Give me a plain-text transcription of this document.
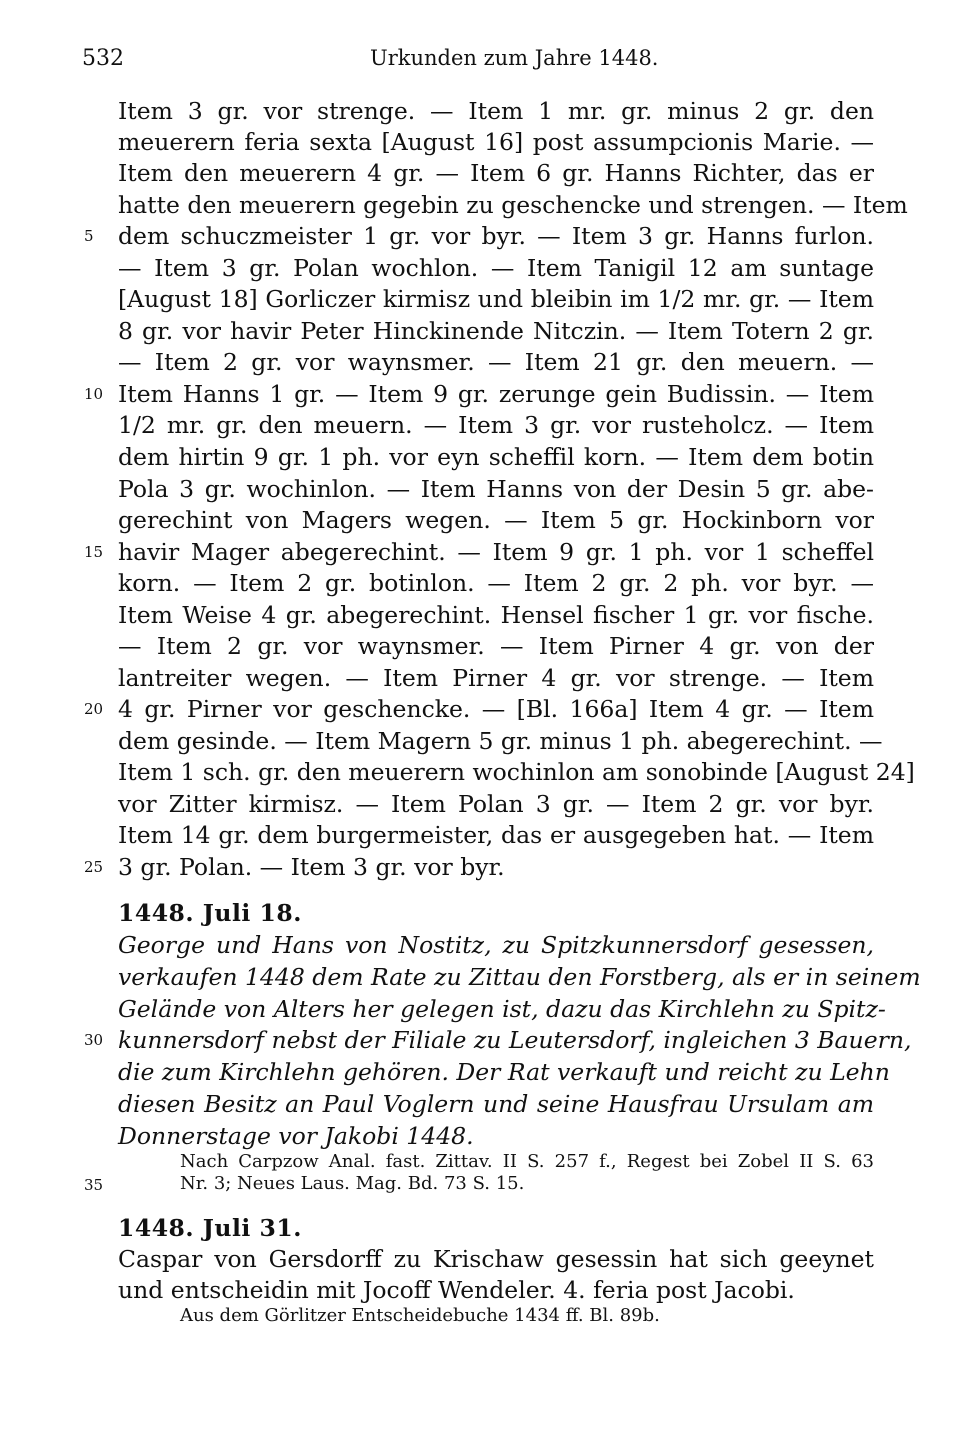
532	Urkunden zum Jahre 1448.
Item 3 gr. vor strenge. — Item 1 mr. gr. minus 2 gr. den
meuerern feria sexta [August 16] post assumpcionis Marie. —
Item den meuerern 4 gr. — Item 6 gr. Hanns Richter, das er
hatte den meuerern gegebin zu geschencke und strengen. — Item
dem schuczmeister 1 gr. vor byr. — Item 3 gr. Hanns furlon.
— Item 3 gr. Polan wochlon. — Item Tanigil 12 am suntage
[August 18] Gorliczer kirmisz und bleibin im 1/2 mr. gr. — Item
8 gr. vor havir Peter Hinckinende Nitczin. — Item Totern 2 gr.
— Item 2 gr. vor waynsmer. — Item 21 gr. den meuern. —
Item Hanns 1 gr. — Item 9 gr. zerunge gein Budissin. — Item
1/2 mr. gr. den meuern. — Item 3 gr. vor rusteholcz. — Item
dem hirtin 9 gr. 1 ph. vor eyn scheffil korn. — Item dem botin
Pola 3 gr. wochinlon. — Item Hanns von der Desin 5 gr. abe-
gerechint von Magers wegen. — Item 5 gr. Hockinborn vor
havir Mager abegerechint. — Item 9 gr. 1 ph. vor 1 scheffel
korn. — Item 2 gr. botinlon. — Item 2 gr. 2 ph. vor byr. —
Item Weise 4 gr. abegerechint. Hensel fischer 1 gr. vor fische.
— Item 2 gr. vor waynsmer. — Item Pirner 4 gr. von der
lantreiter wegen. — Item Pirner 4 gr. vor strenge. — Item
4 gr. Pirner vor geschencke. — [Bl. 166a] Item 4 gr. — Item
dem gesinde. — Item Magern 5 gr. minus 1 ph. abegerechint. —
Item 1 sch. gr. den meuerern wochinlon am sonobinde [August 24]
vor Zitter kirmisz. — Item Polan 3 gr. — Item 2 gr. vor byr.
Item 14 gr. dem burgermeister, das er ausgegeben hat. — Item
3 gr. Polan. — Item 3 gr. vor byr.
5
10
15
20
25
30
35
1448. Juli 18.
George und Hans von Nostitz, zu Spitzkunnersdorf gesessen,
verkaufen 1448 dem Rate zu Zittau den Forstberg, als er in seinem
Gelände von Alters her gelegen ist, dazu das Kirchlehn zu Spitz-
kunnersdorf nebst der Filiale zu Leutersdorf, ingleichen 3 Bauern,
die zum Kirchlehn gehören. Der Rat verkauft und reicht zu Lehn
diesen Besitz an Paul Voglern und seine Hausfrau Ursulam am
Donnerstage vor Jakobi 1448.
Nach Carpzow Anal. fast. Zittav. II S. 257 f., Regest bei Zobel II S. 63
Nr. 3; Neues Laus. Mag. Bd. 73 S. 15.
1448. Juli 31.
Caspar von Gersdorff zu Krischaw gesessin hat sich geeynet
und entscheidin mit Jocoff Wendeler. 4. feria post Jacobi.
Aus dem Görlitzer Entscheidebuche 1434 ff. Bl. 89b.
